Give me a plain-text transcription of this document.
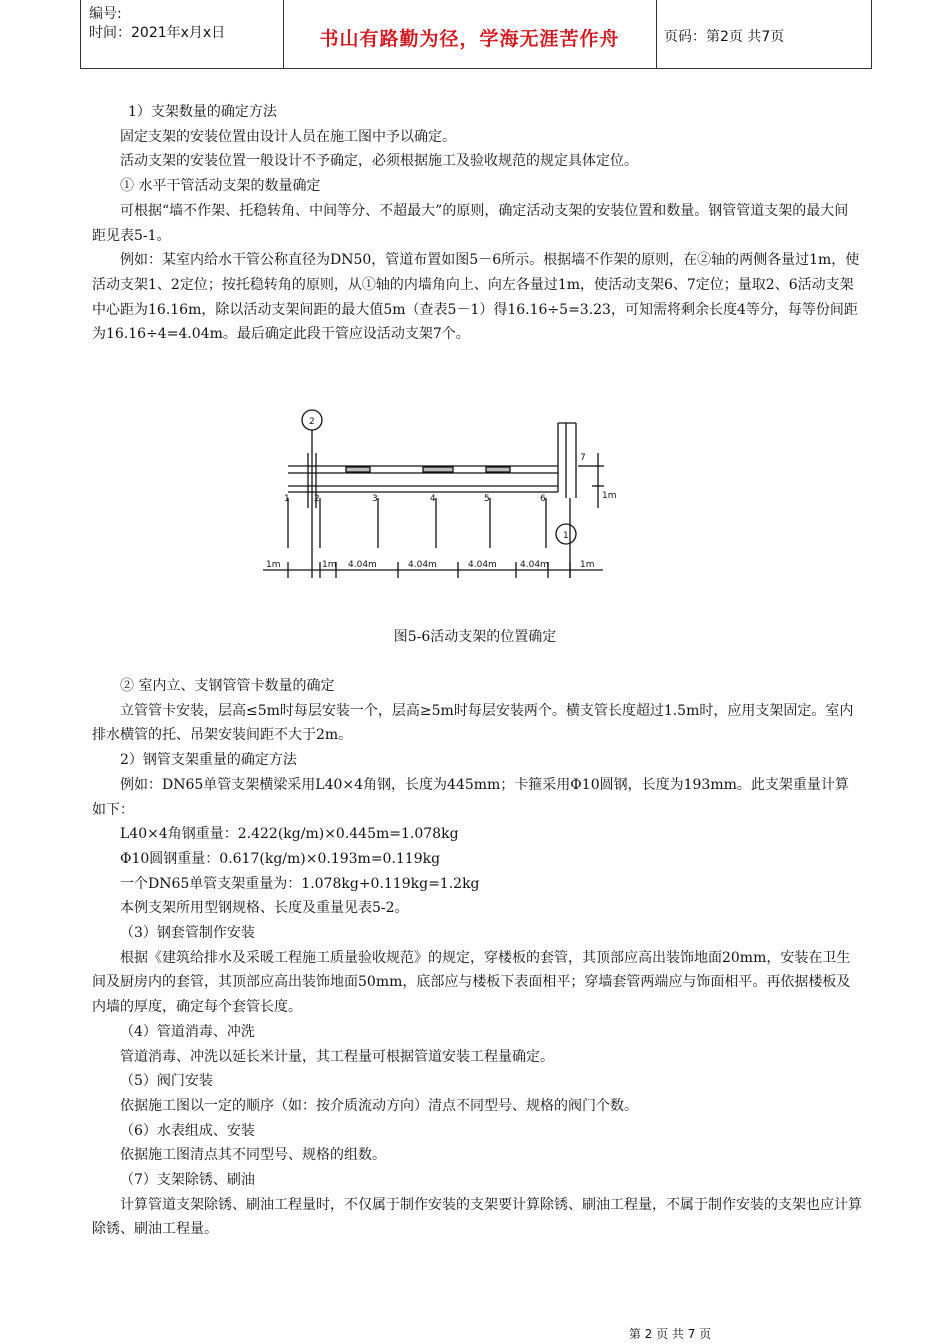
编号:
时间：2021年x月x日	书山有路勤为径，学海无涯苦作舟	页码：第2页 共7页

1）支架数量的确定方法

固定支架的安装位置由设计人员在施工图中予以确定。

活动支架的安装位置一般设计不予确定，必须根据施工及验收规范的规定具体定位。

① 水平干管活动支架的数量确定

可根据“墙不作架、托稳转角、中间等分、不超最大”的原则，确定活动支架的安装位置和数量。钢管管道支架的最大间距见表5-1。

例如：某室内给水干管公称直径为DN50，管道布置如图5－6所示。根据墙不作架的原则，在②轴的两侧各量过1m，使活动支架1、2定位；按托稳转角的原则，从①轴的内墙角向上、向左各量过1m，使活动支架6、7定位；量取2、6活动支架中心距为16.16m，除以活动支架间距的最大值5m（查表5－1）得16.16÷5=3.23，可知需将剩余长度4等分，每等份间距为16.16÷4=4.04m。最后确定此段干管应设活动支架7个。

2
1
1	2	3	4	5	6
7
1m	1m 4.04m	4.04m	4.04m	4.04m	1m
1m
图5-6活动支架的位置确定

② 室内立、支钢管管卡数量的确定

立管管卡安装，层高≤5m时每层安装一个，层高≥5m时每层安装两个。横支管长度超过1.5m时，应用支架固定。室内排水横管的托、吊架安装间距不大于2m。

2）钢管支架重量的确定方法

例如：DN65单管支架横梁采用L40×4角钢，长度为445mm；卡箍采用Φ10圆钢，长度为193mm。此支架重量计算如下：

L40×4角钢重量：2.422(kg/m)×0.445m=1.078kg

Φ10圆钢重量：0.617(kg/m)×0.193m=0.119kg

一个DN65单管支架重量为：1.078kg+0.119kg=1.2kg

本例支架所用型钢规格、长度及重量见表5-2。

（3）钢套管制作安装

根据《建筑给排水及采暖工程施工质量验收规范》的规定，穿楼板的套管，其顶部应高出装饰地面20mm，安装在卫生间及厨房内的套管，其顶部应高出装饰地面50mm，底部应与楼板下表面相平；穿墙套管两端应与饰面相平。再依据楼板及内墙的厚度，确定每个套管长度。

（4）管道消毒、冲洗

管道消毒、冲洗以延长米计量，其工程量可根据管道安装工程量确定。

（5）阀门安装

依据施工图以一定的顺序（如：按介质流动方向）清点不同型号、规格的阀门个数。

（6）水表组成、安装

依据施工图清点其不同型号、规格的组数。

（7）支架除锈、刷油

计算管道支架除锈、刷油工程量时，不仅属于制作安装的支架要计算除锈、刷油工程量，不属于制作安装的支架也应计算除锈、刷油工程量。

第 2 页 共 7 页
